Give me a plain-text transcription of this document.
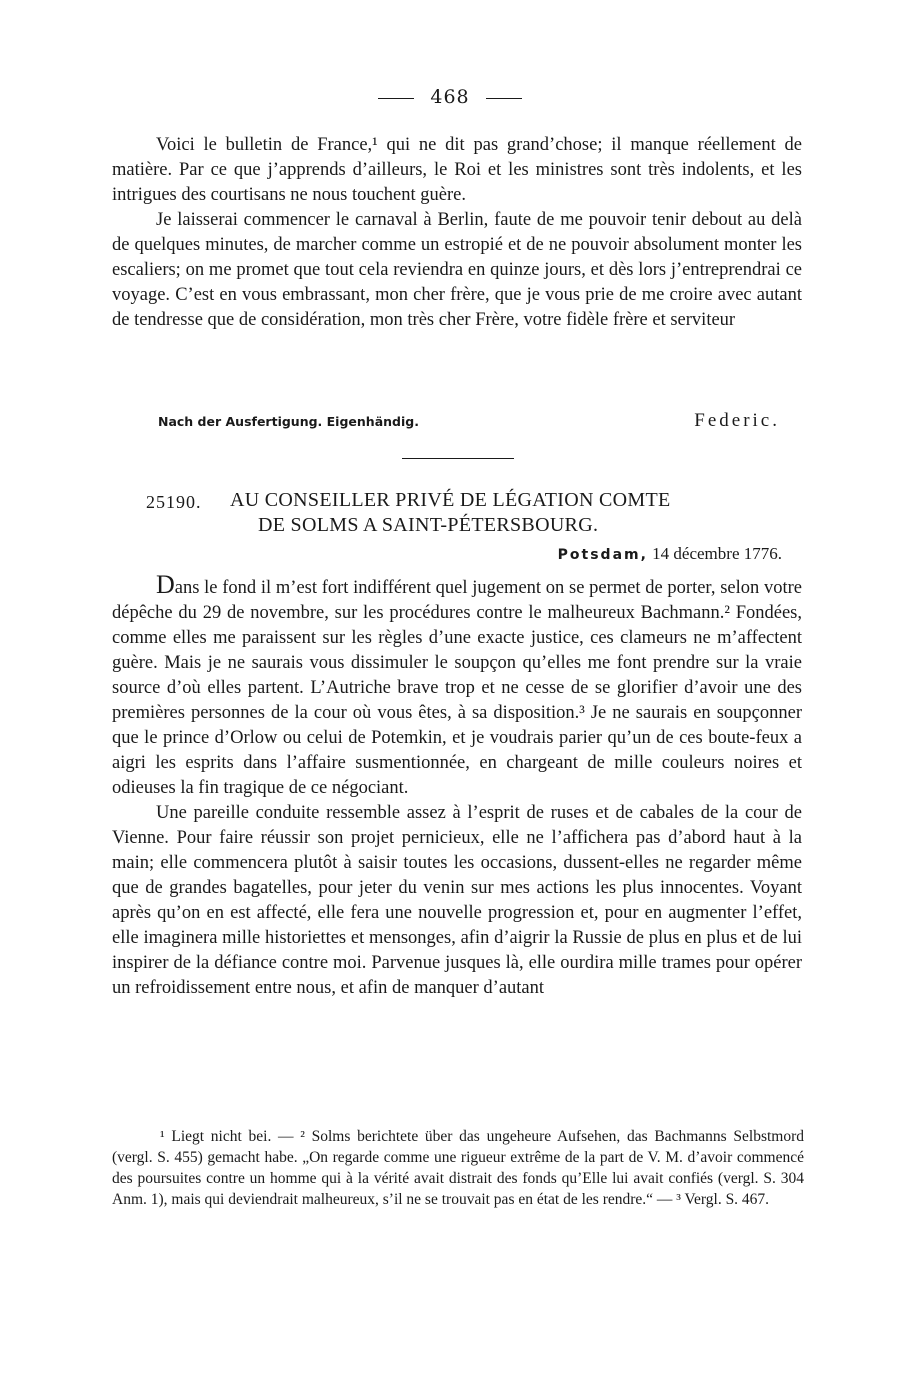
468

Voici le bulletin de France,¹ qui ne dit pas grand’chose; il manque réellement de matière. Par ce que j’apprends d’ailleurs, le Roi et les ministres sont très indolents, et les intrigues des courtisans ne nous touchent guère.

Je laisserai commencer le carnaval à Berlin, faute de me pouvoir tenir debout au delà de quelques minutes, de marcher comme un estropié et de ne pouvoir absolument monter les escaliers; on me promet que tout cela reviendra en quinze jours, et dès lors j’entreprendrai ce voyage. C’est en vous embrassant, mon cher frère, que je vous prie de me croire avec autant de tendresse que de considération, mon très cher Frère, votre fidèle frère et serviteur

Nach der Ausfertigung. Eigenhändig.	Federic.
25190. AU CONSEILLER PRIVÉ DE LÉGATION COMTE
DE SOLMS A SAINT-PÉTERSBOURG.
Potsdam, 14 décembre 1776.

Dans le fond il m’est fort indifférent quel jugement on se permet de porter, selon votre dépêche du 29 de novembre, sur les procédures contre le malheureux Bachmann.² Fondées, comme elles me paraissent sur les règles d’une exacte justice, ces clameurs ne m’affectent guère. Mais je ne saurais vous dissimuler le soupçon qu’elles me font prendre sur la vraie source d’où elles partent. L’Autriche brave trop et ne cesse de se glorifier d’avoir une des premières personnes de la cour où vous êtes, à sa disposition.³ Je ne saurais en soupçonner que le prince d’Orlow ou celui de Potemkin, et je voudrais parier qu’un de ces boute-feux a aigri les esprits dans l’affaire susmentionnée, en chargeant de mille couleurs noires et odieuses la fin tragique de ce négociant.

Une pareille conduite ressemble assez à l’esprit de ruses et de cabales de la cour de Vienne. Pour faire réussir son projet pernicieux, elle ne l’affichera pas d’abord haut à la main; elle commencera plutôt à saisir toutes les occasions, dussent-elles ne regarder même que de grandes bagatelles, pour jeter du venin sur mes actions les plus innocentes. Voyant après qu’on en est affecté, elle fera une nouvelle progression et, pour en augmenter l’effet, elle imaginera mille historiettes et mensonges, afin d’aigrir la Russie de plus en plus et de lui inspirer de la défiance contre moi. Parvenue jusques là, elle ourdira mille trames pour opérer un refroidissement entre nous, et afin de manquer d’autant

¹ Liegt nicht bei. — ² Solms berichtete über das ungeheure Aufsehen, das Bachmanns Selbstmord (vergl. S. 455) gemacht habe. „On regarde comme une rigueur extrême de la part de V. M. d’avoir commencé des poursuites contre un homme qui à la vérité avait distrait des fonds qu’Elle lui avait confiés (vergl. S. 304 Anm. 1), mais qui deviendrait malheureux, s’il ne se trouvait pas en état de les rendre.“ — ³ Vergl. S. 467.
